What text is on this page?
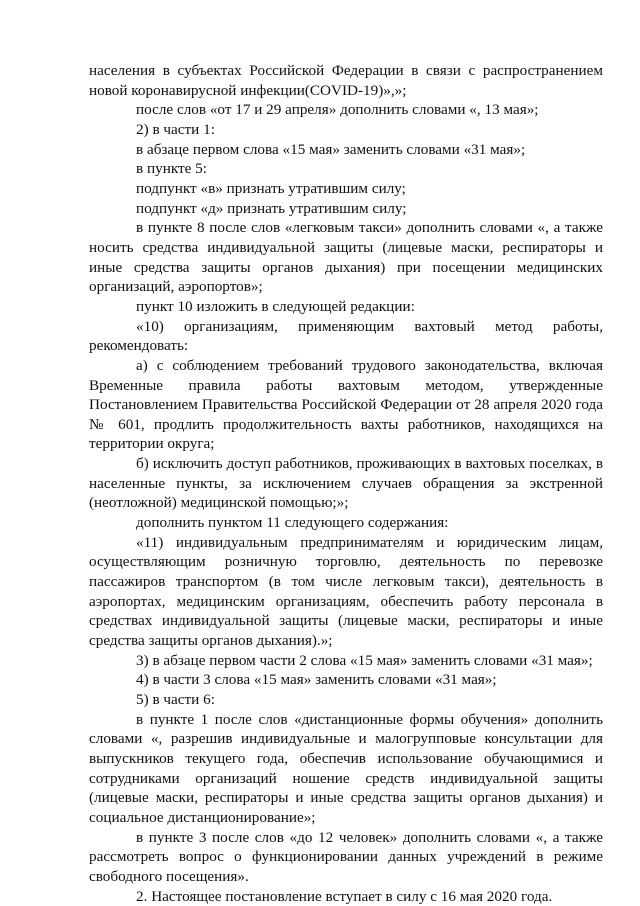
населения в субъектах Российской Федерации в связи с распространением новой коронавирусной инфекции(COVID-19)»,»;

после слов «от 17 и 29 апреля» дополнить словами «, 13 мая»;

2) в части 1:

в абзаце первом слова «15 мая» заменить словами «31 мая»;

в пункте 5:

подпункт «в» признать утратившим силу;

подпункт «д» признать утратившим силу;

в пункте 8 после слов «легковым такси» дополнить словами «, а также носить средства индивидуальной защиты (лицевые маски, респираторы и иные средства защиты органов дыхания) при посещении медицинских организаций, аэропортов»;

пункт 10 изложить в следующей редакции:

«10) организациям, применяющим вахтовый метод работы, рекомендовать:

а) с соблюдением требований трудового законодательства, включая Временные правила работы вахтовым методом, утвержденные Постановлением Правительства Российской Федерации от 28 апреля 2020 года № 601, продлить продолжительность вахты работников, находящихся на территории округа;

б) исключить доступ работников, проживающих в вахтовых поселках, в населенные пункты, за исключением случаев обращения за экстренной (неотложной) медицинской помощью;»;

дополнить пунктом 11 следующего содержания:

«11) индивидуальным предпринимателям и юридическим лицам, осуществляющим розничную торговлю, деятельность по перевозке пассажиров транспортом (в том числе легковым такси), деятельность в аэропортах, медицинским организациям, обеспечить работу персонала в средствах индивидуальной защиты (лицевые маски, респираторы и иные средства защиты органов дыхания).»;

3) в абзаце первом части 2 слова «15 мая» заменить словами «31 мая»;

4) в части 3 слова «15 мая» заменить словами «31 мая»;

5) в части 6:

в пункте 1 после слов «дистанционные формы обучения» дополнить словами «, разрешив индивидуальные и малогрупповые консультации для выпускников текущего года, обеспечив использование обучающимися и сотрудниками организаций ношение средств индивидуальной защиты (лицевые маски, респираторы и иные средства защиты органов дыхания) и социальное дистанционирование»;

в пункте 3 после слов «до 12 человек» дополнить словами «, а также рассмотреть вопрос о функционировании данных учреждений в режиме свободного посещения».

2. Настоящее постановление вступает в силу с 16 мая 2020 года.
